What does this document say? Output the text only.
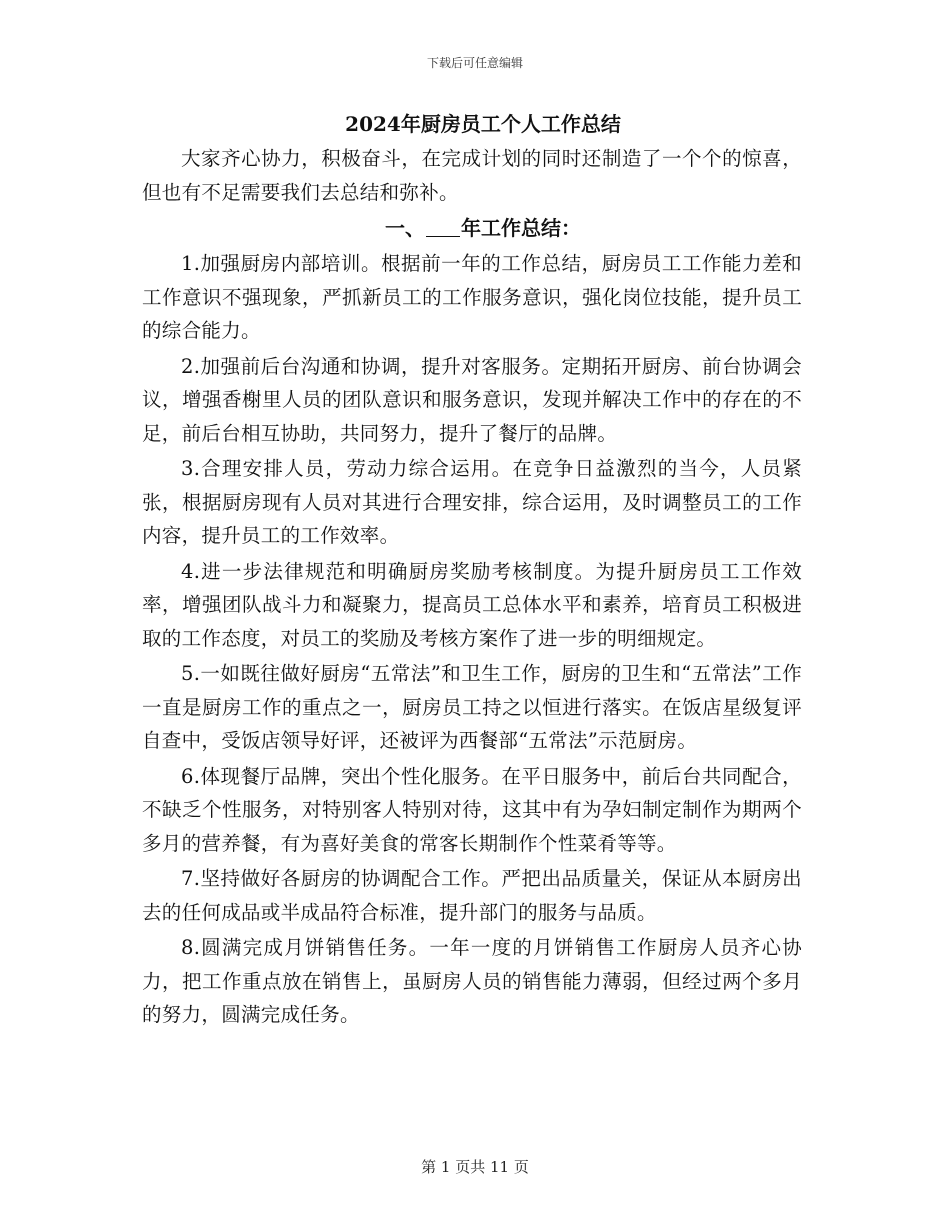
下载后可任意编辑
2024年厨房员工个人工作总结

大家齐心协力，积极奋斗，在完成计划的同时还制造了一个个的惊喜，但也有不足需要我们去总结和弥补。

一、 年工作总结：

1.加强厨房内部培训。根据前一年的工作总结，厨房员工工作能力差和工作意识不强现象，严抓新员工的工作服务意识，强化岗位技能，提升员工的综合能力。

2.加强前后台沟通和协调，提升对客服务。定期拓开厨房、前台协调会议，增强香榭里人员的团队意识和服务意识，发现并解决工作中的存在的不足，前后台相互协助，共同努力，提升了餐厅的品牌。

3.合理安排人员，劳动力综合运用。在竞争日益激烈的当今，人员紧张，根据厨房现有人员对其进行合理安排，综合运用，及时调整员工的工作内容，提升员工的工作效率。

4.进一步法律规范和明确厨房奖励考核制度。为提升厨房员工工作效率，增强团队战斗力和凝聚力，提高员工总体水平和素养，培育员工积极进取的工作态度，对员工的奖励及考核方案作了进一步的明细规定。

5.一如既往做好厨房“五常法”和卫生工作，厨房的卫生和“五常法”工作一直是厨房工作的重点之一，厨房员工持之以恒进行落实。在饭店星级复评自查中，受饭店领导好评，还被评为西餐部“五常法”示范厨房。

6.体现餐厅品牌，突出个性化服务。在平日服务中，前后台共同配合，不缺乏个性服务，对特别客人特别对待，这其中有为孕妇制定制作为期两个多月的营养餐，有为喜好美食的常客长期制作个性菜肴等等。

7.坚持做好各厨房的协调配合工作。严把出品质量关，保证从本厨房出去的任何成品或半成品符合标准，提升部门的服务与品质。

8.圆满完成月饼销售任务。一年一度的月饼销售工作厨房人员齐心协力，把工作重点放在销售上，虽厨房人员的销售能力薄弱，但经过两个多月的努力，圆满完成任务。

第 1 页共 11 页
